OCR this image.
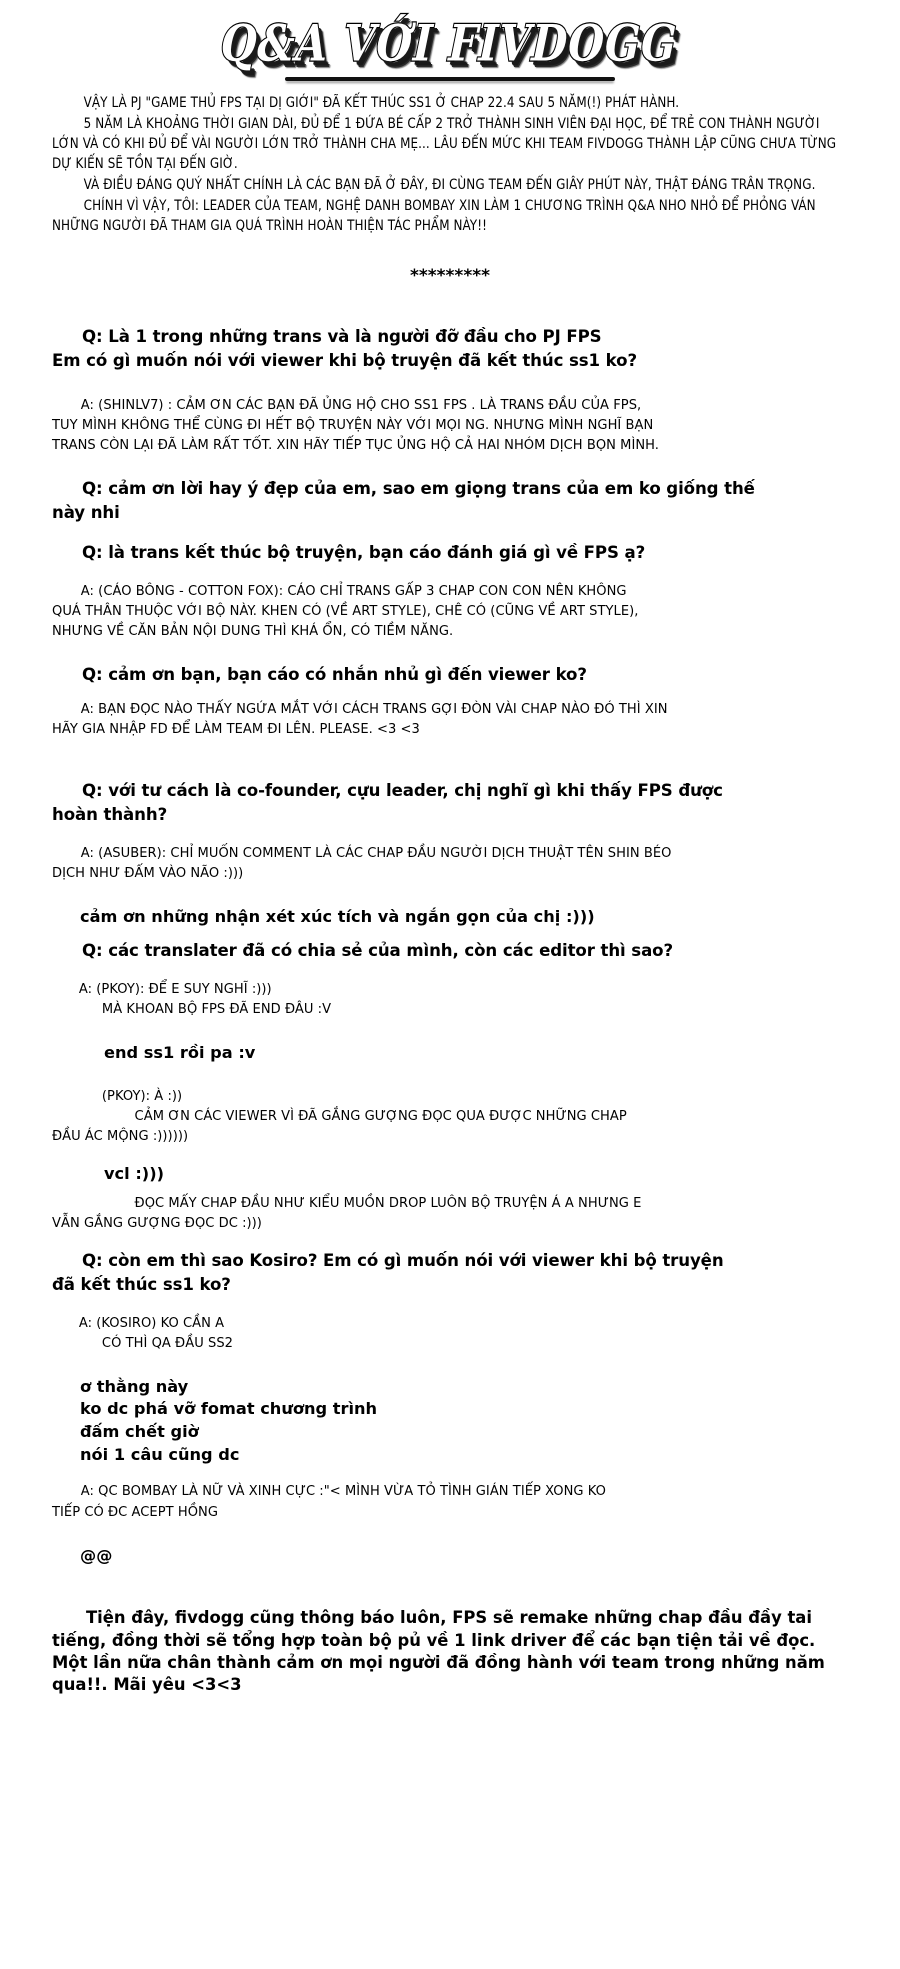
Q&A VỚI FIVDOGG

VẬY LÀ PJ "GAME THỦ FPS TẠI DỊ GIỚI" ĐÃ KẾT THÚC SS1 Ở CHAP 22.4 SAU 5 NĂM(!) PHÁT HÀNH.

5 NĂM LÀ KHOẢNG THỜI GIAN DÀI, ĐỦ ĐỂ 1 ĐỨA BÉ CẤP 2 TRỞ THÀNH SINH VIÊN ĐẠI HỌC, ĐỂ TRẺ CON THÀNH NGƯỜI LỚN VÀ CÓ KHI ĐỦ ĐỂ VÀI NGƯỜI LỚN TRỞ THÀNH CHA MẸ... LÂU ĐẾN MỨC KHI TEAM FIVDOGG THÀNH LẬP CŨNG CHƯA TỪNG DỰ KIẾN SẼ TỒN TẠI ĐẾN GIỜ.

VÀ ĐIỀU ĐÁNG QUÝ NHẤT CHÍNH LÀ CÁC BẠN ĐÃ Ở ĐÂY, ĐI CÙNG TEAM ĐẾN GIÂY PHÚT NÀY, THẬT ĐÁNG TRÂN TRỌNG.

CHÍNH VÌ VẬY, TÔI: LEADER CỦA TEAM, NGHỆ DANH BOMBAY XIN LÀM 1 CHƯƠNG TRÌNH Q&A NHO NHỎ ĐỂ PHỎNG VÁN NHỮNG NGƯỜI ĐÃ THAM GIA QUÁ TRÌNH HOÀN THIỆN TÁC PHẨM NÀY!!

*********

Q: Là 1 trong những trans và là người đỡ đầu cho PJ FPS

Em có gì muốn nói với viewer khi bộ truyện đã kết thúc ss1 ko?

A: (SHINLV7) : CẢM ƠN CÁC BẠN ĐÃ ỦNG HỘ CHO SS1 FPS . LÀ TRANS ĐẦU CỦA FPS,

TUY MÌNH KHÔNG THỂ CÙNG ĐI HẾT BỘ TRUYỆN NÀY VỚI MỌI NG. NHƯNG MÌNH NGHĨ BẠN

TRANS CÒN LẠI ĐÃ LÀM RẤT TỐT. XIN HÃY TIẾP TỤC ỦNG HỘ CẢ HAI NHÓM DỊCH BỌN MÌNH.

Q: cảm ơn lời hay ý đẹp của em, sao em giọng trans của em ko giống thế

này nhi

Q: là trans kết thúc bộ truyện, bạn cáo đánh giá gì về FPS ạ?

A: (CÁO BÔNG - COTTON FOX): CÁO CHỈ TRANS GẤP 3 CHAP CON CON NÊN KHÔNG

QUÁ THÂN THUỘC VỚI BỘ NÀY. KHEN CÓ (VỀ ART STYLE), CHÊ CÓ (CŨNG VỀ ART STYLE),

NHƯNG VỀ CĂN BẢN NỘI DUNG THÌ KHÁ ỔN, CÓ TIỀM NĂNG.

Q: cảm ơn bạn, bạn cáo có nhắn nhủ gì đến viewer ko?

A: BẠN ĐỌC NÀO THẤY NGỨA MẮT VỚI CÁCH TRANS GỢI ĐÒN VÀI CHAP NÀO ĐÓ THÌ XIN

HÃY GIA NHẬP FD ĐỂ LÀM TEAM ĐI LÊN. PLEASE. <3 <3

Q: với tư cách là co-founder, cựu leader, chị nghĩ gì khi thấy FPS được

hoàn thành?

A: (ASUBER): CHỈ MUỐN COMMENT LÀ CÁC CHAP ĐẦU NGƯỜI DỊCH THUẬT TÊN SHIN BÉO

DỊCH NHƯ ĐẤM VÀO NÃO :)))

cảm ơn những nhận xét xúc tích và ngắn gọn của chị :)))

Q: các translater đã có chia sẻ của mình, còn các editor thì sao?

A: (PKOY): ĐỂ E SUY NGHĨ :)))

MÀ KHOAN BỘ FPS ĐÃ END ĐÂU :V

end ss1 rồi pa :v

(PKOY): À :))

CẢM ƠN CÁC VIEWER VÌ ĐÃ GẮNG GƯỢNG ĐỌC QUA ĐƯỢC NHỮNG CHAP

ĐẦU ÁC MỘNG :))))))

vcl :)))

ĐỌC MẤY CHAP ĐẦU NHƯ KIỂU MUỒN DROP LUÔN BỘ TRUYỆN Á A NHƯNG E

VẪN GẮNG GƯỢNG ĐỌC DC :)))

Q: còn em thì sao Kosiro? Em có gì muốn nói với viewer khi bộ truyện

đã kết thúc ss1 ko?

A: (KOSIRO) KO CẦN A

CÓ THÌ QA ĐẦU SS2

ơ thằng này

ko dc phá vỡ fomat chương trình

đấm chết giờ

nói 1 câu cũng dc

A: QC BOMBAY LÀ NỮ VÀ XINH CỰC :"< MÌNH VỪA TỎ TÌNH GIÁN TIẾP XONG KO

TIẾP CÓ ĐC ACEPT HỒNG

@@

Tiện đây, fivdogg cũng thông báo luôn, FPS sẽ remake những chap đầu đầy tai tiếng, đồng thời sẽ tổng hợp toàn bộ pủ về 1 link driver để các bạn tiện tải về đọc. Một lần nữa chân thành cảm ơn mọi người đã đồng hành với team trong những năm qua!!. Mãi yêu <3<3
